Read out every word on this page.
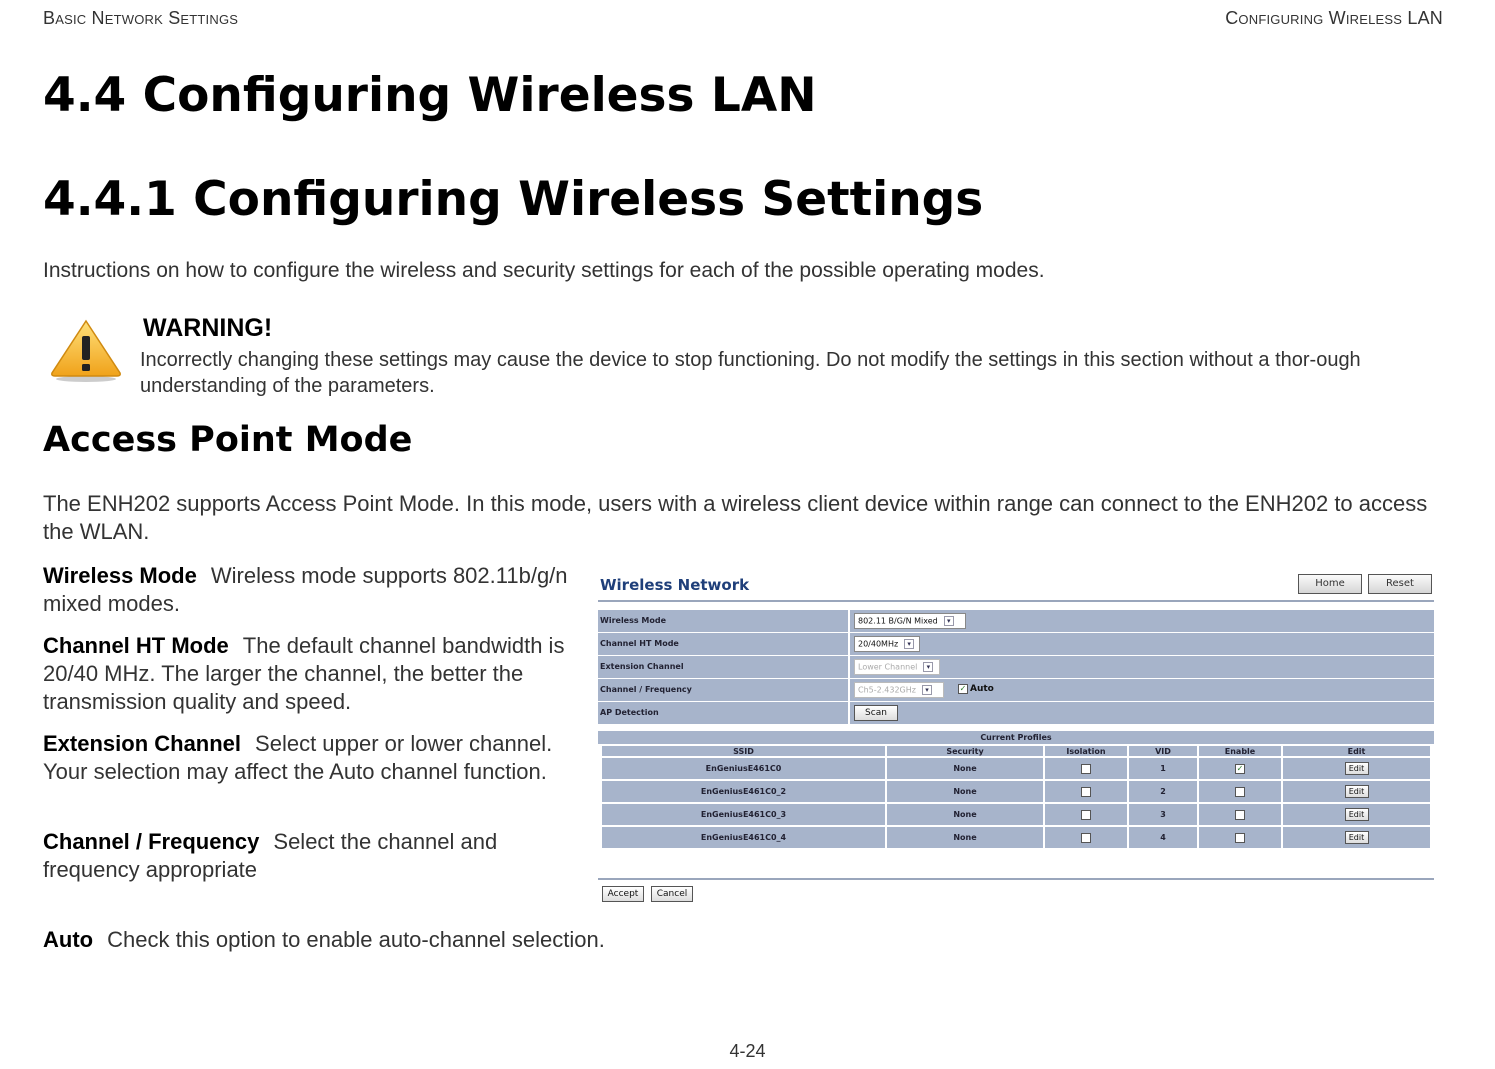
Basic Network Settings	Configuring Wireless LAN
4.4 Configuring Wireless LAN
4.4.1 Configuring Wireless Settings

Instructions on how to configure the wireless and security settings for each of the possible operating modes.

WARNING!
Incorrectly changing these settings may cause the device to stop functioning. Do not modify the settings in this section without a thor-ough understanding of the parameters.
Access Point Mode

The ENH202 supports Access Point Mode. In this mode, users with a wireless client device within range can connect to the ENH202 to access the WLAN.

Wireless Mode Wireless mode supports 802.11b/g/n mixed modes.

Channel HT Mode The default channel bandwidth is 20/40 MHz. The larger the channel, the better the transmission quality and speed.

Extension Channel Select upper or lower channel. Your selection may affect the Auto channel function.

Channel / Frequency Select the channel and frequency appropriate

Auto Check this option to enable auto-channel selection.

Wireless Network	Home	Reset
Wireless Mode	802.11 B/G/N Mixed ▾
Channel HT Mode	20/40MHz ▾
Extension Channel	Lower Channel ▾
Channel / Frequency	Ch5-2.432GHz ▾	✓ Auto
AP Detection	Scan
Current Profiles
SSID	Security	Isolation	VID	Enable	Edit
EnGeniusE461C0	None		1	✓	Edit
EnGeniusE461C0_2	None		2		Edit
EnGeniusE461C0_3	None		3		Edit
EnGeniusE461C0_4	None		4		Edit
Accept	Cancel
4-24
